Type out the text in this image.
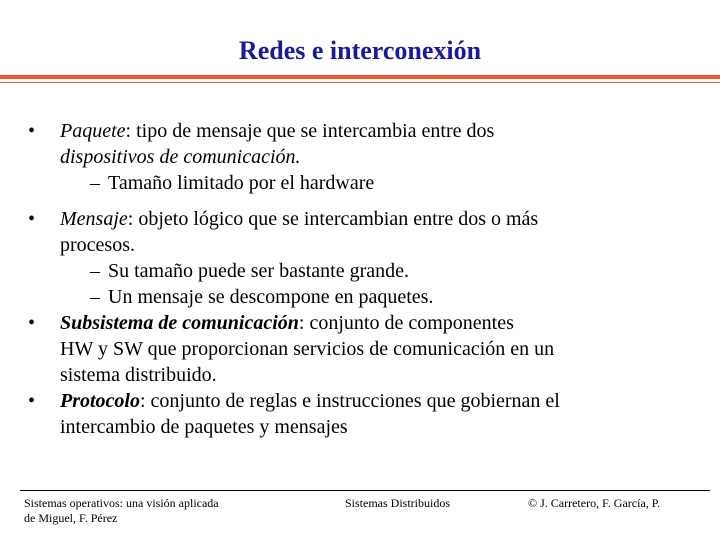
Redes e interconexión
• Paquete: tipo de mensaje que se intercambia entre dos
dispositivos de comunicación.
– Tamaño limitado por el hardware
• Mensaje: objeto lógico que se intercambian entre dos o más
procesos.
– Su tamaño puede ser bastante grande.
– Un mensaje se descompone en paquetes.
• Subsistema de comunicación: conjunto de componentes
HW y SW que proporcionan servicios de comunicación en un
sistema distribuido.
• Protocolo: conjunto de reglas e instrucciones que gobiernan el
intercambio de paquetes y mensajes
Sistemas operativos: una visión aplicada
de Miguel, F. Pérez
Sistemas Distribuidos	© J. Carretero, F. García, P.
